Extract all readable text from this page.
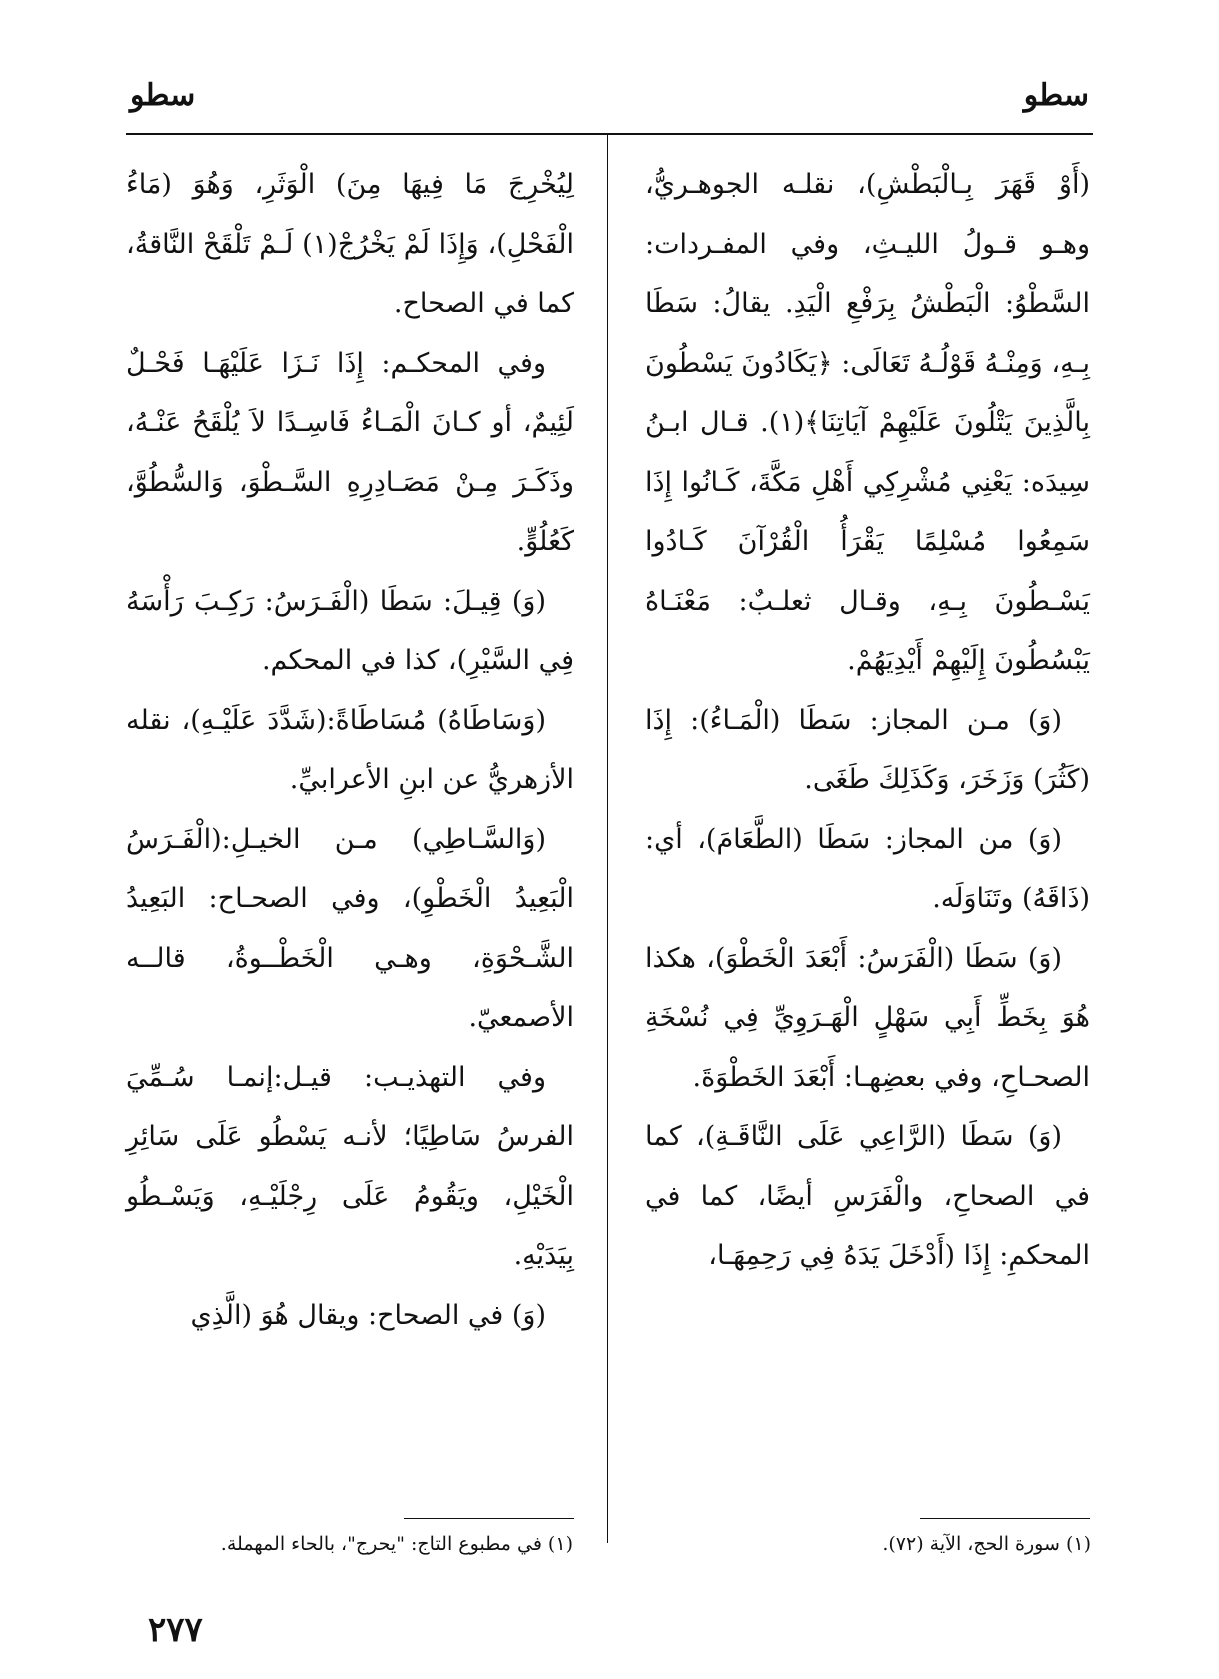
سطو
سطو

(أَوْ قَهَرَ بِـالْبَطْشِ)، نقلـه الجوهـريُّ، وهـو قـولُ الليـثِ، وفي المفـردات: السَّطْوُ: الْبَطْشُ بِرَفْعِ الْيَدِ. يقالُ: سَطَا بِـهِ، وَمِنْـهُ قَوْلُـهُ تَعَالَى: ﴿يَكَادُونَ يَسْطُونَ بِالَّذِينَ يَتْلُونَ عَلَيْهِمْ آيَاتِنَا﴾(١). قـال ابـنُ سِيدَه: يَعْنِي مُشْرِكِي أَهْلِ مَكَّةَ، كَـانُوا إِذَا سَمِعُوا مُسْلِمًا يَقْرَأُ الْقُرْآنَ كَـادُوا يَسْـطُونَ بِـهِ، وقـال ثعلـبٌ: مَعْنَـاهُ يَبْسُطُونَ إِلَيْهِمْ أَيْدِيَهُمْ.

(وَ) مـن المجاز: سَطَا (الْمَـاءُ): إِذَا (كَثُرَ) وَزَخَرَ، وَكَذَلِكَ طَغَى.

(وَ) من المجاز: سَطَا (الطَّعَامَ)، أي: (ذَاقَهُ) وتَنَاوَلَه.

(وَ) سَطَا (الْفَرَسُ: أَبْعَدَ الْخَطْوَ)، هكذا هُوَ بِخَطِّ أَبِي سَهْلٍ الْهَـرَوِيِّ فِي نُسْخَةِ الصحـاحِ، وفي بعضِهـا: أَبْعَدَ الخَطْوَةَ.

(وَ) سَطَا (الرَّاعِي عَلَى النَّاقَـةِ)، كما في الصحاحِ، والْفَرَسِ أيضًا، كما في المحكمِ: إِذَا (أَدْخَلَ يَدَهُ فِي رَحِمِهَـا،

لِيُخْرِجَ مَا فِيهَا مِنَ) الْوَثَرِ، وَهُوَ (مَاءُ الْفَحْلِ)، وَإِذَا لَمْ يَخْرُجْ(١) لَـمْ تَلْقَحْ النَّاقةُ، كما في الصحاح.

وفي المحكـم: إِذَا نَـزَا عَلَيْهَـا فَحْـلٌ لَئِيمٌ، أو كـانَ الْمَـاءُ فَاسِـدًا لاَ يُلْقَحُ عَنْـهُ، وذَكَـرَ مِـنْ مَصَـادِرِهِ السَّـطْوَ، وَالسُّطُوَّ، كَعُلُوٍّ.

(وَ) قِيـلَ: سَطَا (الْفَـرَسُ: رَكِـبَ رَأْسَهُ فِي السَّيْرِ)، كذا في المحكم.

(وَسَاطَاهُ) مُسَاطَاةً:(شَدَّدَ عَلَيْـهِ)، نقله الأزهريُّ عن ابنِ الأعرابيِّ.

(وَالسَّـاطِي) مـن الخيـلِ:(الْفَـرَسُ الْبَعِيدُ الْخَطْوِ)، وفي الصحـاح: البَعِيدُ الشَّـحْوَةِ، وهـي الْخَطْــوةُ، قالــه الأصمعيّ.

وفي التهذيـب: قيـل:إنمـا سُـمِّيَ الفرسُ سَاطِيًا؛ لأنـه يَسْطُو عَلَى سَائِرِ الْخَيْلِ، ويَقُومُ عَلَى رِجْلَيْـهِ، وَيَسْـطُو بِيَدَيْهِ.

(وَ) في الصحاح: ويقال هُوَ (الَّذِي

(١) سورة الحج، الآية (٧٢).
(١) في مطبوع التاج: "يحرج"، بالحاء المهملة.
٢٧٧
